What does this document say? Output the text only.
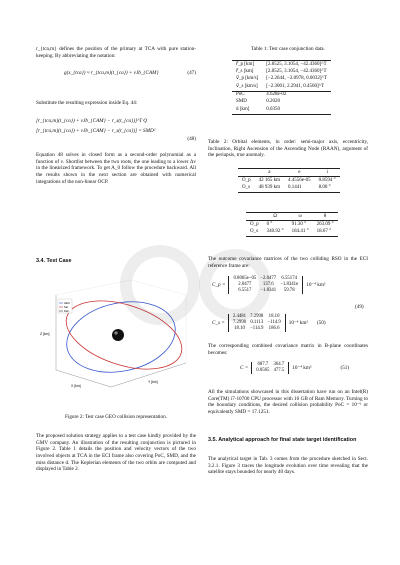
r_{tca,m} defines the position of the primary at TCA with pure station-keeping. By abbreviating the notation:

g(x_{tca}) ≈ r_{tca,m}(t_{ca}) + νJb_{CAM}	(47)

Substitute the resulting expression inside Eq. 44:

[r_{tca,m}(t_{ca}) + νJb_{CAM} − r_s(t_{ca})]^T Q
[r_{tca,m}(t_{ca}) + νJb_{CAM} − r_s(t_{ca})] = SMD²
(48)

Equation 48 solves in closed form as a second-order polynomial as a function of ν. Shortlist between the two roots, the one leading to a lower Δv in the linearized framework. To get A_0 follow the procedure backward. All the results shown in the next section are obtained with numerical integrations of the non-linear OCP.

3.4. Test Case
GEO
Sat.
Deb.
X [km]
Y [km]
Z [km]
Figure 2: Test case GEO collision representation.

The proposed solution strategy applies to a test case kindly provided by the GMV company. An illustration of the resulting conjunction is pictured in Figure 2. Table 1 details the position and velocity vectors of the two involved objects at TCA in the ECI frame also covering PoC, SMD, and the miss distance d. The Keplerian elements of the two orbits are computed and displayed in Table 2.

Table 1: Test case conjunction data.
r⃗_p [km]	[2.8525, 3.1054, −42.4360]^T
r⃗_s [km]	[2.8525, 3.1054, −42.4360]^T
v⃗_p [km/s]	[−2.2644, −2.0978, 0.0032]^T
v⃗_s [km/s]	[−2.3001, 2.2941, 0.4560]^T
PoC	4.628e-02
SMD	0.2020
d [km]	0.0350

Table 2: Orbital elements, in order: semi-major axis, eccentricity, Inclination, Right Ascension of the Ascending Node (RAAN), argument of the periapsis, true anomaly.

	a	e	i
O_p	42 165 km	4.4556e-05	0.8594 °
O_s	48 939 km	0.1441	8.00 °
	Ω	ω	θ
O_p	0 °	91.30 °	263.09 °
O_s	340.92 °	184.41 °	18.67 °

The outcome covariance matrices of the two colliding RSO in the ECI reference frame are:

C_p =
0.8065e−05	−2.0477	6.55174
2.0477	137.6	−1.8341e
6.5517	−1.8341	59.78
10⁻⁴ km²
(49)
C_s =
2.4481	7.2998	18.10
7.2998	0.1113	−114.9
18.10	−114.9	186.6
10⁻⁴ km² (50)

The corresponding combined covariance matrix in B-plane coordinates becomes:

C =
687.7	364.7
0.0565	477.5 10⁻⁴ km²	(51)

All the simulations showcased in this dissertation have run on an Intel(R) Core(TM) i7-10700 CPU processor with 16 GB of Ram Memory. Turning to the boundary conditions, the desired collision probability PoC = 10⁻⁶ or equivalently SMD = 17.1251.

3.5. Analytical approach for final state target identification

The analytical target in Tab. 3 comes from the procedure sketched in Sect. 3.2.1. Figure 3 traces the longitude evolution over time revealing that the satellite stays bounded for nearly 40 days.
